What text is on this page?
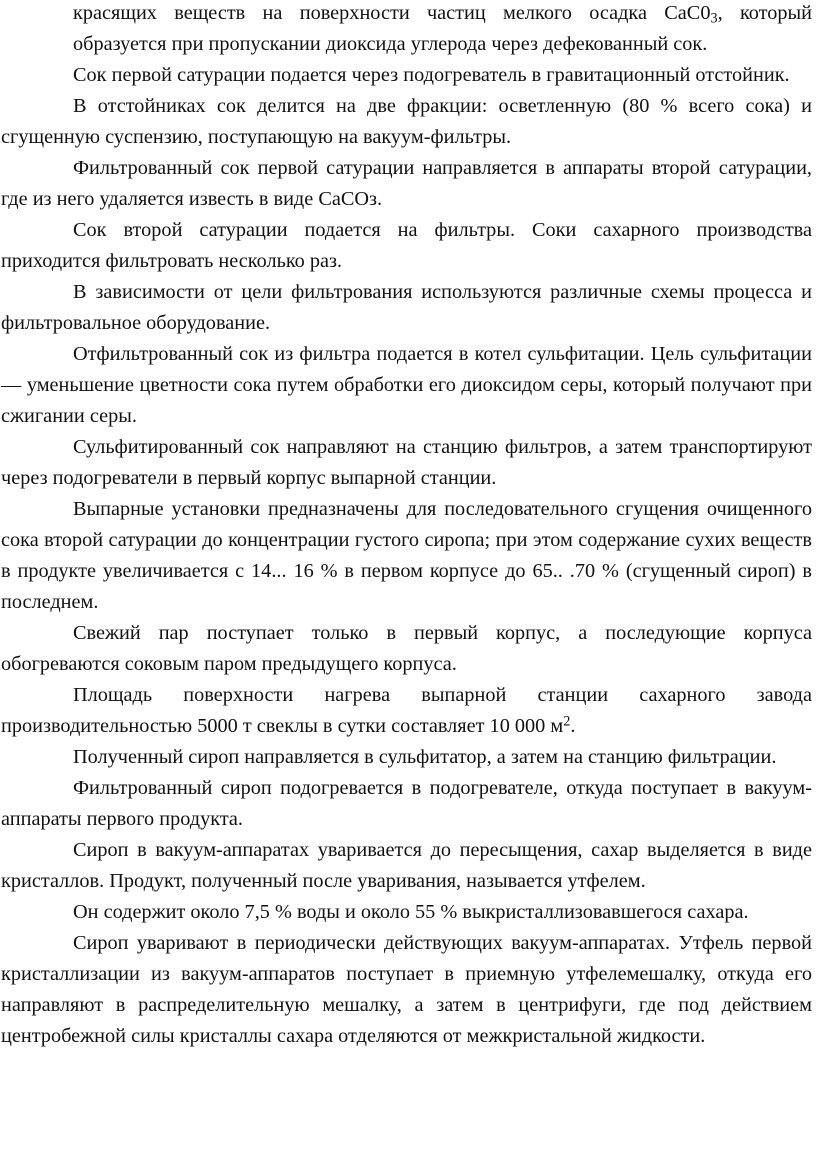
красящих веществ на поверхности частиц мелкого осадка $СаС0_3$, который образуется при пропускании диоксида углерода через дефекованный сок.

Сок первой сатурации подается через подогреватель в гравитационный отстойник.

В отстойниках сок делится на две фракции: осветленную (80 % всего сока) и сгущенную суспензию, поступающую на вакуум-фильтры.

Фильтрованный сок первой сатурации направляется в аппараты второй сатурации, где из него удаляется известь в виде СаСОз.

Сок второй сатурации подается на фильтры. Соки сахарного производства приходится фильтровать несколько раз.

В зависимости от цели фильтрования используются различные схемы процесса и фильтровальное оборудование.

Отфильтрованный сок из фильтра подается в котел сульфитации. Цель сульфитации — уменьшение цветности сока путем обработки его диоксидом серы, который получают при сжигании серы.

Сульфитированный сок направляют на станцию фильтров, а затем транспортируют через подогреватели в первый корпус выпарной станции.

Выпарные установки предназначены для последовательного сгущения очищенного сока второй сатурации до концентрации густого сиропа; при этом содержание сухих веществ в продукте увеличивается с 14... 16 % в первом корпусе до 65.. .70 % (сгущенный сироп) в последнем.

Свежий пар поступает только в первый корпус, а последующие корпуса обогреваются соковым паром предыдущего корпуса.

Площадь поверхности нагрева выпарной станции сахарного завода производительностью 5000 т свеклы в сутки составляет 10 000 $м^2$.

Полученный сироп направляется в сульфитатор, а затем на станцию фильтрации.

Фильтрованный сироп подогревается в подогревателе, откуда поступает в вакуум-аппараты первого продукта.

Сироп в вакуум-аппаратах уваривается до пересыщения, сахар выделяется в виде кристаллов. Продукт, полученный после уваривания, называется утфелем.

Он содержит около 7,5 % воды и около 55 % выкристаллизовавшегося сахара.

Сироп уваривают в периодически действующих вакуум-аппаратах. Утфель первой кристаллизации из вакуум-аппаратов поступает в приемную утфелемешалку, откуда его направляют в распределительную мешалку, а затем в центрифуги, где под действием центробежной силы кристаллы сахара отделяются от межкристальной жидкости.
